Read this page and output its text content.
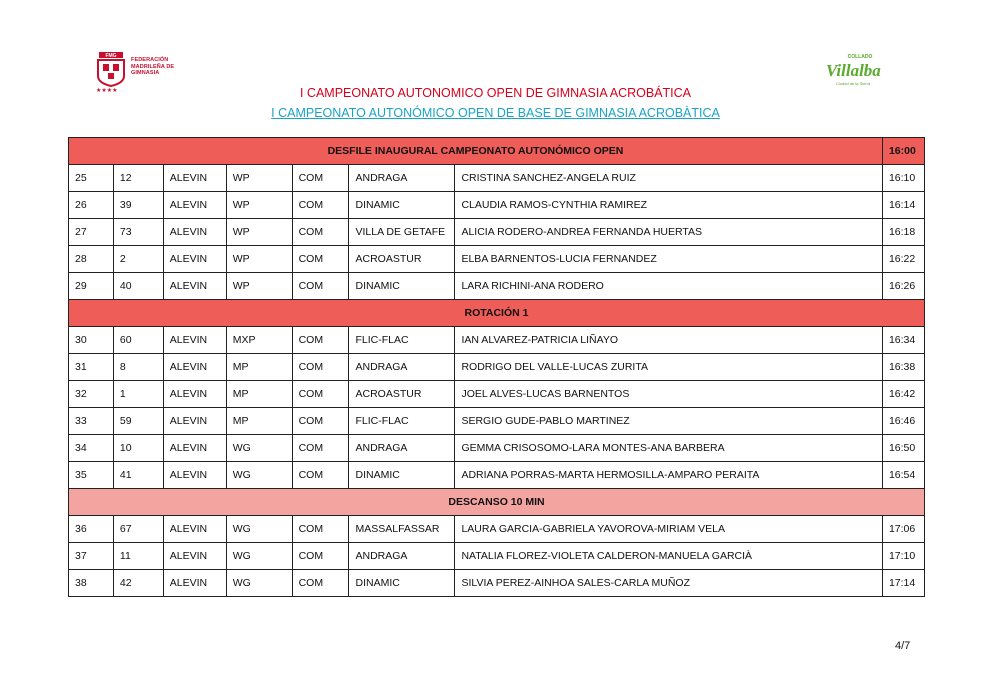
FMG
★★★★
FEDERACIÓN
MADRILEÑA DE
GIMNASIA
COLLADO
Villalba
Ciudad de la Sierra
I CAMPEONATO AUTONOMICO OPEN DE GIMNASIA ACROBÁTICA
I CAMPEONATO AUTONÓMICO OPEN DE BASE DE GIMNASIA ACROBÀTICA
DESFILE INAUGURAL CAMPEONATO AUTONÓMICO OPEN							16:00
25	12	ALEVIN	WP	COM	ANDRAGA	CRISTINA SANCHEZ-ANGELA RUIZ	16:10
26	39	ALEVIN	WP	COM	DINAMIC	CLAUDIA RAMOS-CYNTHIA RAMIREZ	16:14
27	73	ALEVIN	WP	COM	VILLA DE GETAFE	ALICIA RODERO-ANDREA FERNANDA HUERTAS	16:18
28	2	ALEVIN	WP	COM	ACROASTUR	ELBA BARNENTOS-LUCIA FERNANDEZ	16:22
29	40	ALEVIN	WP	COM	DINAMIC	LARA RICHINI-ANA RODERO	16:26
ROTACIÓN 1							
30	60	ALEVIN	MXP	COM	FLIC-FLAC	IAN ALVAREZ-PATRICIA LIÑAYO	16:34
31	8	ALEVIN	MP	COM	ANDRAGA	RODRIGO DEL VALLE-LUCAS ZURITA	16:38
32	1	ALEVIN	MP	COM	ACROASTUR	JOEL ALVES-LUCAS BARNENTOS	16:42
33	59	ALEVIN	MP	COM	FLIC-FLAC	SERGIO GUDE-PABLO MARTINEZ	16:46
34	10	ALEVIN	WG	COM	ANDRAGA	GEMMA CRISOSOMO-LARA MONTES-ANA BARBERA	16:50
35	41	ALEVIN	WG	COM	DINAMIC	ADRIANA PORRAS-MARTA HERMOSILLA-AMPARO PERAITA	16:54
DESCANSO 10 MIN							
36	67	ALEVIN	WG	COM	MASSALFASSAR	LAURA GARCIA-GABRIELA YAVOROVA-MIRIAM VELA	17:06
37	11	ALEVIN	WG	COM	ANDRAGA	NATALIA FLOREZ-VIOLETA CALDERON-MANUELA GARCIÀ	17:10
38	42	ALEVIN	WG	COM	DINAMIC	SILVIA PEREZ-AINHOA SALES-CARLA MUÑOZ	17:14
4/7
